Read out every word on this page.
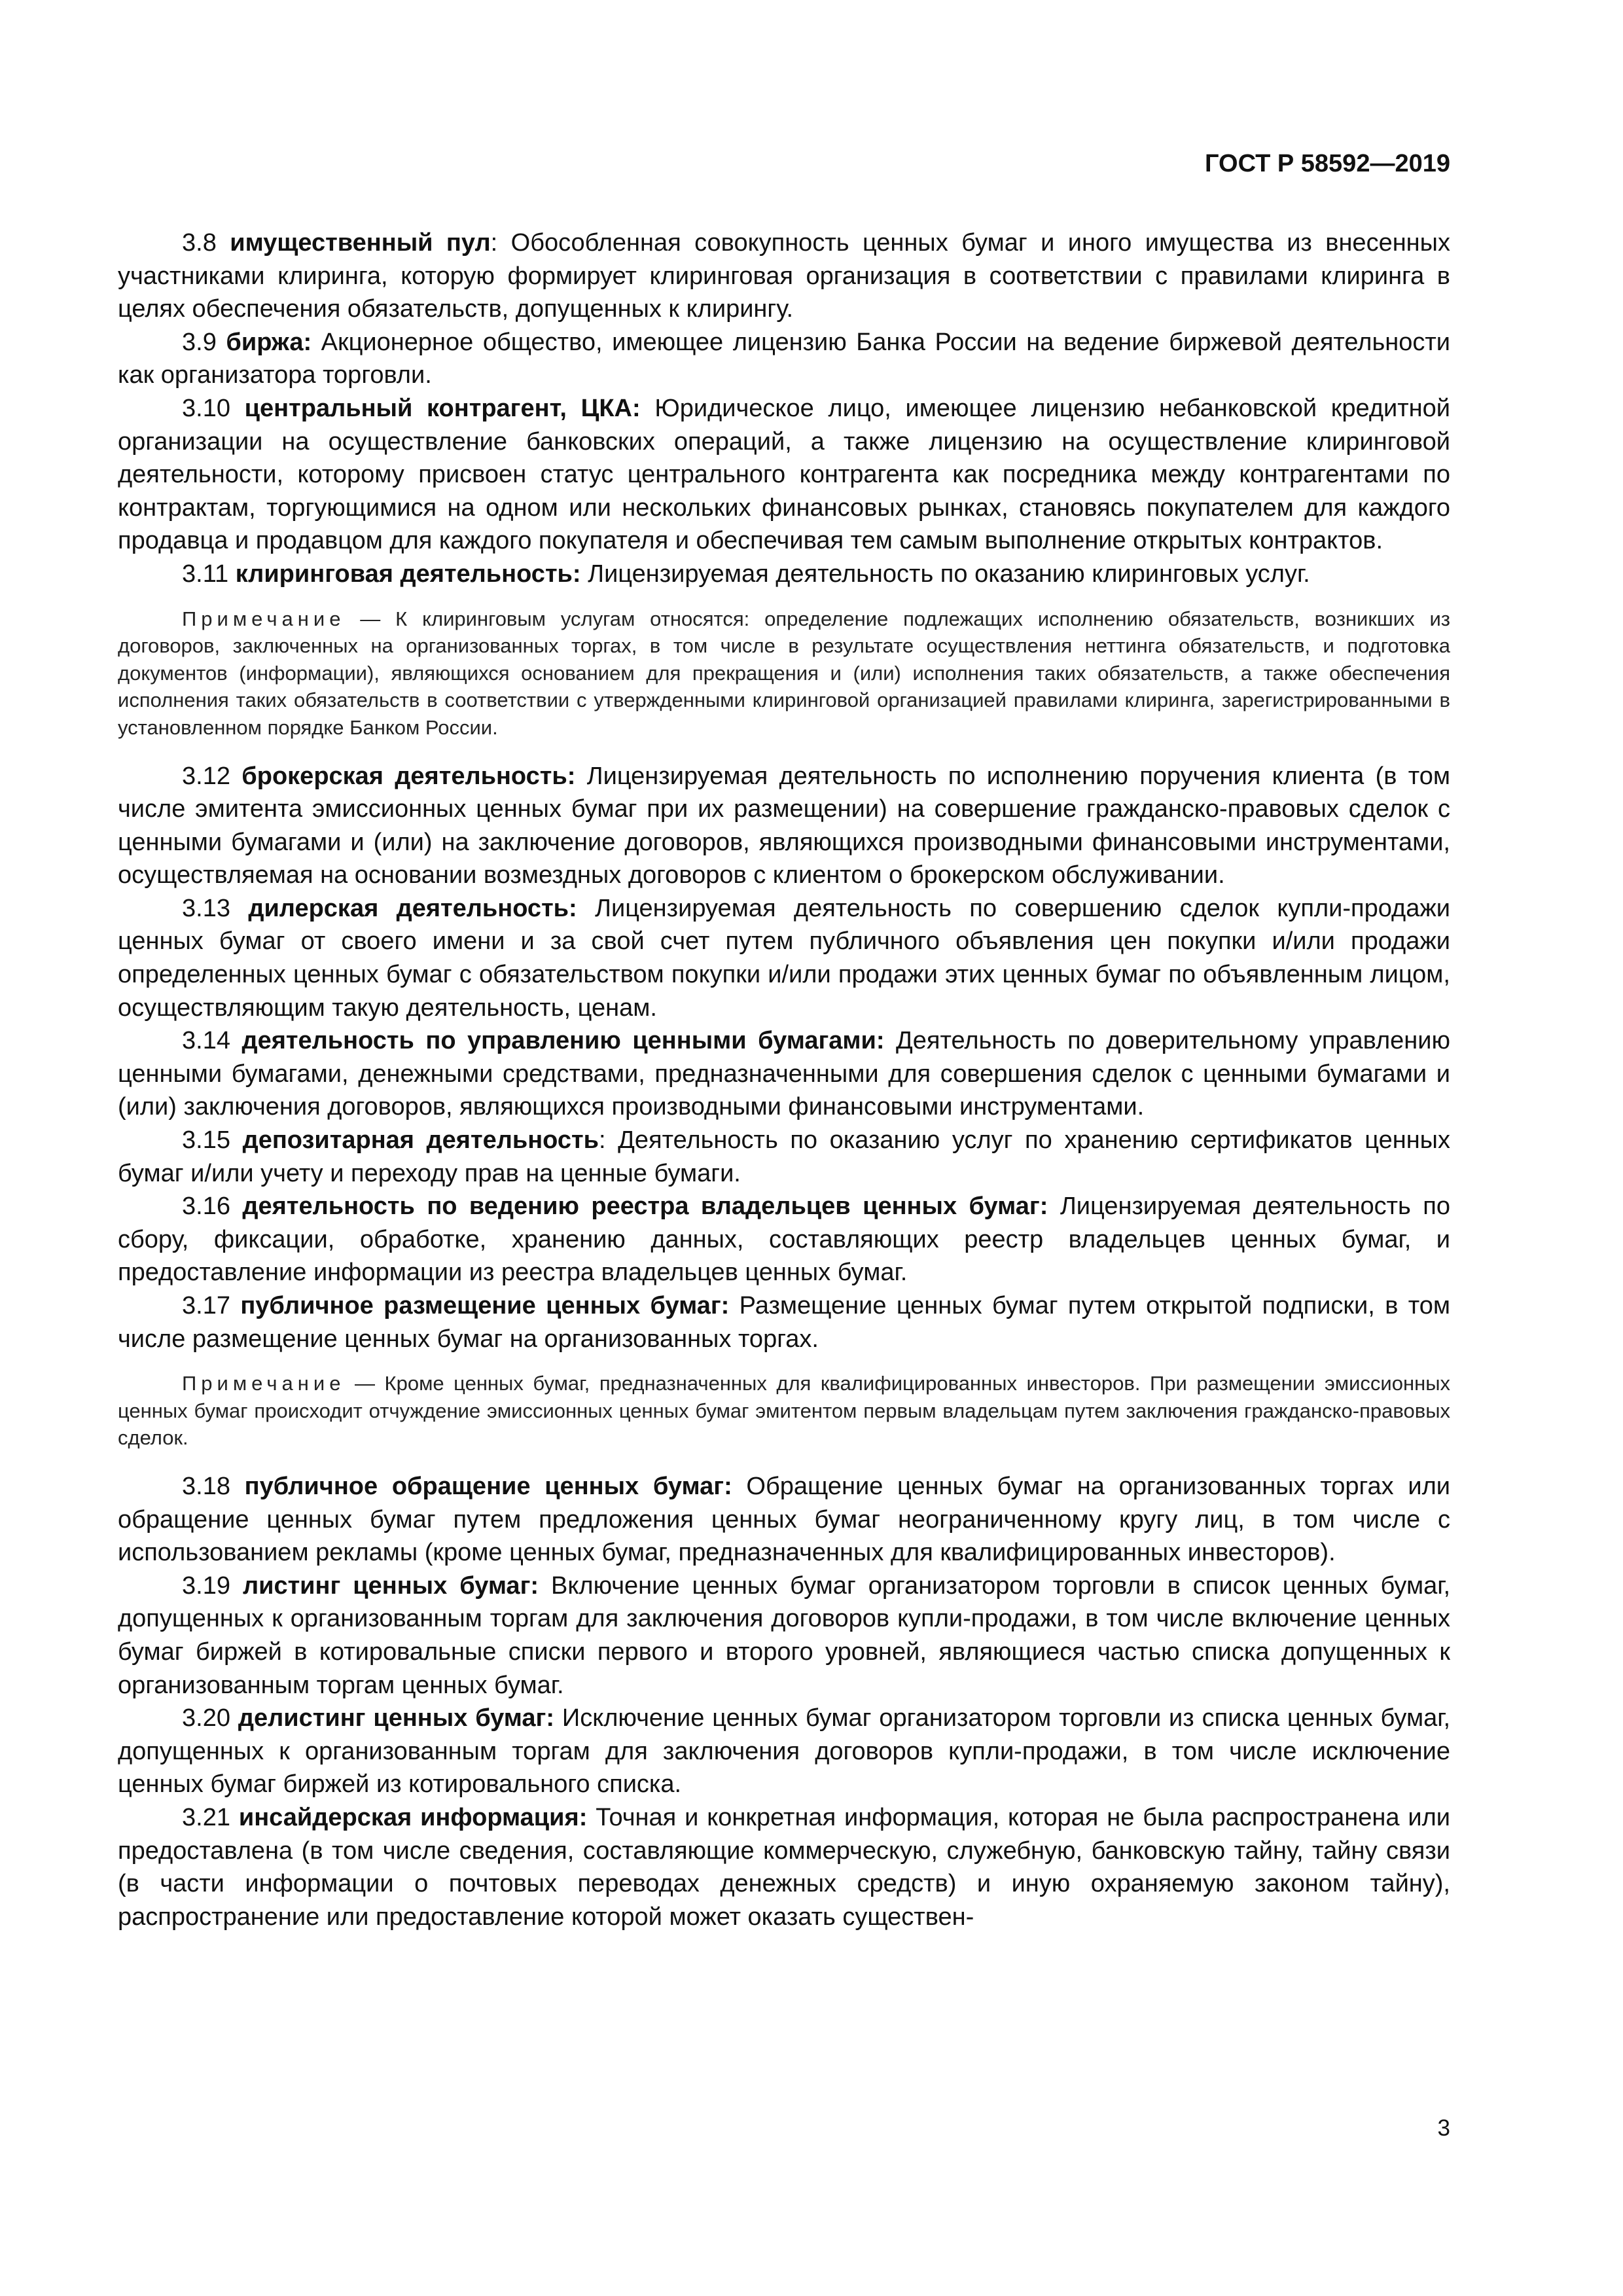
ГОСТ Р 58592—2019

3.8 имущественный пул: Обособленная совокупность ценных бумаг и иного имущества из внесенных участниками клиринга, которую формирует клиринговая организация в соответствии с правилами клиринга в целях обеспечения обязательств, допущенных к клирингу.

3.9 биржа: Акционерное общество, имеющее лицензию Банка России на ведение биржевой деятельности как организатора торговли.

3.10 центральный контрагент, ЦКА: Юридическое лицо, имеющее лицензию небанковской кредитной организации на осуществление банковских операций, а также лицензию на осуществление клиринговой деятельности, которому присвоен статус центрального контрагента как посредника между контрагентами по контрактам, торгующимися на одном или нескольких финансовых рынках, становясь покупателем для каждого продавца и продавцом для каждого покупателя и обеспечивая тем самым выполнение открытых контрактов.

3.11 клиринговая деятельность: Лицензируемая деятельность по оказанию клиринговых услуг.

Примечание — К клиринговым услугам относятся: определение подлежащих исполнению обязательств, возникших из договоров, заключенных на организованных торгах, в том числе в результате осуществления неттинга обязательств, и подготовка документов (информации), являющихся основанием для прекращения и (или) исполнения таких обязательств, а также обеспечения исполнения таких обязательств в соответствии с утвержденными клиринговой организацией правилами клиринга, зарегистрированными в установленном порядке Банком России.

3.12 брокерская деятельность: Лицензируемая деятельность по исполнению поручения клиента (в том числе эмитента эмиссионных ценных бумаг при их размещении) на совершение гражданско-правовых сделок с ценными бумагами и (или) на заключение договоров, являющихся производными финансовыми инструментами, осуществляемая на основании возмездных договоров с клиентом о брокерском обслуживании.

3.13 дилерская деятельность: Лицензируемая деятельность по совершению сделок купли-продажи ценных бумаг от своего имени и за свой счет путем публичного объявления цен покупки и/или продажи определенных ценных бумаг с обязательством покупки и/или продажи этих ценных бумаг по объявленным лицом, осуществляющим такую деятельность, ценам.

3.14 деятельность по управлению ценными бумагами: Деятельность по доверительному управлению ценными бумагами, денежными средствами, предназначенными для совершения сделок с ценными бумагами и (или) заключения договоров, являющихся производными финансовыми инструментами.

3.15 депозитарная деятельность: Деятельность по оказанию услуг по хранению сертификатов ценных бумаг и/или учету и переходу прав на ценные бумаги.

3.16 деятельность по ведению реестра владельцев ценных бумаг: Лицензируемая деятельность по сбору, фиксации, обработке, хранению данных, составляющих реестр владельцев ценных бумаг, и предоставление информации из реестра владельцев ценных бумаг.

3.17 публичное размещение ценных бумаг: Размещение ценных бумаг путем открытой подписки, в том числе размещение ценных бумаг на организованных торгах.

Примечание — Кроме ценных бумаг, предназначенных для квалифицированных инвесторов. При размещении эмиссионных ценных бумаг происходит отчуждение эмиссионных ценных бумаг эмитентом первым владельцам путем заключения гражданско-правовых сделок.

3.18 публичное обращение ценных бумаг: Обращение ценных бумаг на организованных торгах или обращение ценных бумаг путем предложения ценных бумаг неограниченному кругу лиц, в том числе с использованием рекламы (кроме ценных бумаг, предназначенных для квалифицированных инвесторов).

3.19 листинг ценных бумаг: Включение ценных бумаг организатором торговли в список ценных бумаг, допущенных к организованным торгам для заключения договоров купли-продажи, в том числе включение ценных бумаг биржей в котировальные списки первого и второго уровней, являющиеся частью списка допущенных к организованным торгам ценных бумаг.

3.20 делистинг ценных бумаг: Исключение ценных бумаг организатором торговли из списка ценных бумаг, допущенных к организованным торгам для заключения договоров купли-продажи, в том числе исключение ценных бумаг биржей из котировального списка.

3.21 инсайдерская информация: Точная и конкретная информация, которая не была распространена или предоставлена (в том числе сведения, составляющие коммерческую, служебную, банковскую тайну, тайну связи (в части информации о почтовых переводах денежных средств) и иную охраняемую законом тайну), распространение или предоставление которой может оказать существен-

3
